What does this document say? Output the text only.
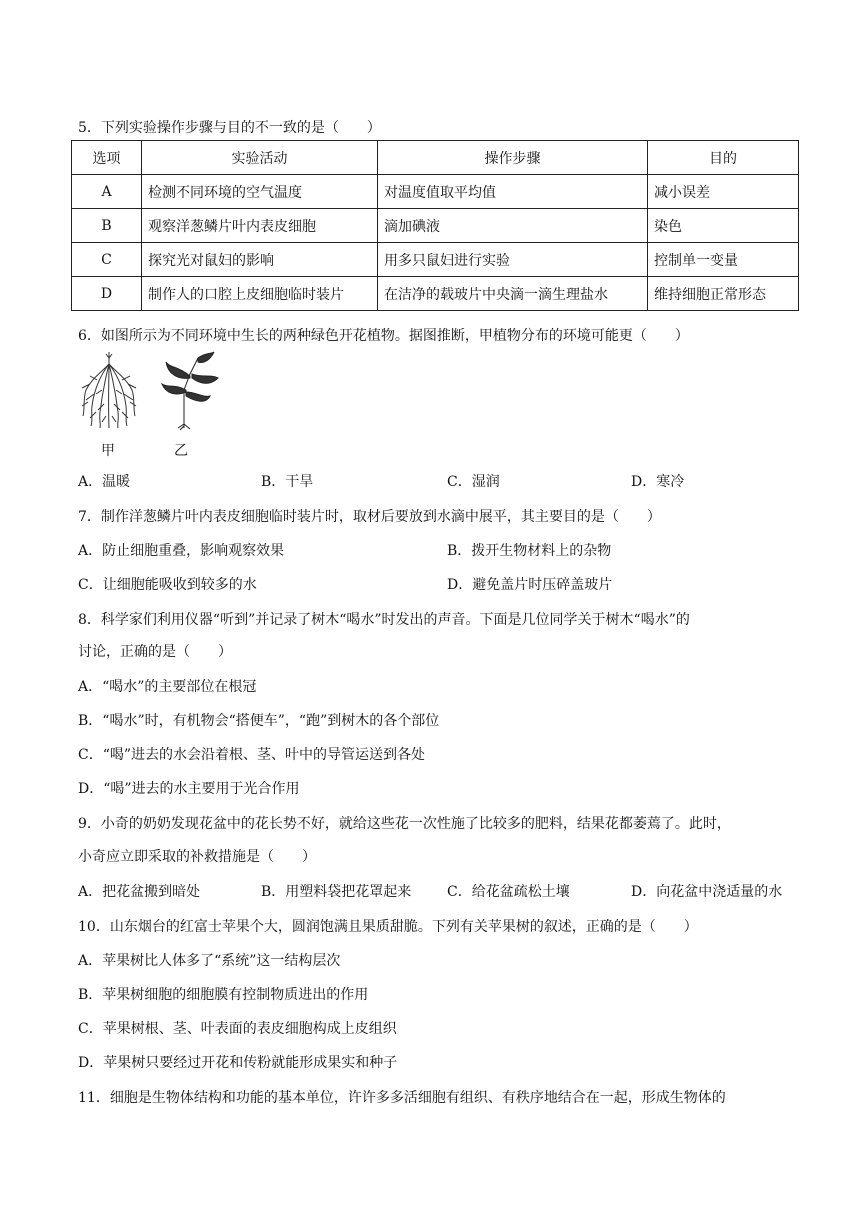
5．下列实验操作步骤与目的不一致的是（　　）
选项	实验活动	操作步骤	目的
A	检测不同环境的空气温度	对温度值取平均值	减小误差
B	观察洋葱鳞片叶内表皮细胞	滴加碘液	染色
C	探究光对鼠妇的影响	用多只鼠妇进行实验	控制单一变量
D	制作人的口腔上皮细胞临时装片	在洁净的载玻片中央滴一滴生理盐水	维持细胞正常形态
6．如图所示为不同环境中生长的两种绿色开花植物。据图推断，甲植物分布的环境可能更（　　）
甲	乙
A．温暖	B．干旱	C．湿润	D．寒冷
7．制作洋葱鳞片叶内表皮细胞临时装片时，取材后要放到水滴中展平，其主要目的是（　　）
A．防止细胞重叠，影响观察效果	B．拨开生物材料上的杂物
C．让细胞能吸收到较多的水	D．避免盖片时压碎盖玻片
8．科学家们利用仪器“听到”并记录了树木“喝水”时发出的声音。下面是几位同学关于树木“喝水”的
讨论，正确的是（　　）
A．“喝水”的主要部位在根冠
B．“喝水”时，有机物会“搭便车”，“跑”到树木的各个部位
C．“喝”进去的水会沿着根、茎、叶中的导管运送到各处
D．“喝”进去的水主要用于光合作用
9．小奇的奶奶发现花盆中的花长势不好，就给这些花一次性施了比较多的肥料，结果花都萎蔫了。此时，
小奇应立即采取的补救措施是（　　）
A．把花盆搬到暗处	B．用塑料袋把花罩起来	C．给花盆疏松土壤	D．向花盆中浇适量的水
10．山东烟台的红富士苹果个大，圆润饱满且果质甜脆。下列有关苹果树的叙述，正确的是（　　）
A．苹果树比人体多了“系统”这一结构层次
B．苹果树细胞的细胞膜有控制物质进出的作用
C．苹果树根、茎、叶表面的表皮细胞构成上皮组织
D．苹果树只要经过开花和传粉就能形成果实和种子
11．细胞是生物体结构和功能的基本单位，许许多多活细胞有组织、有秩序地结合在一起，形成生物体的
